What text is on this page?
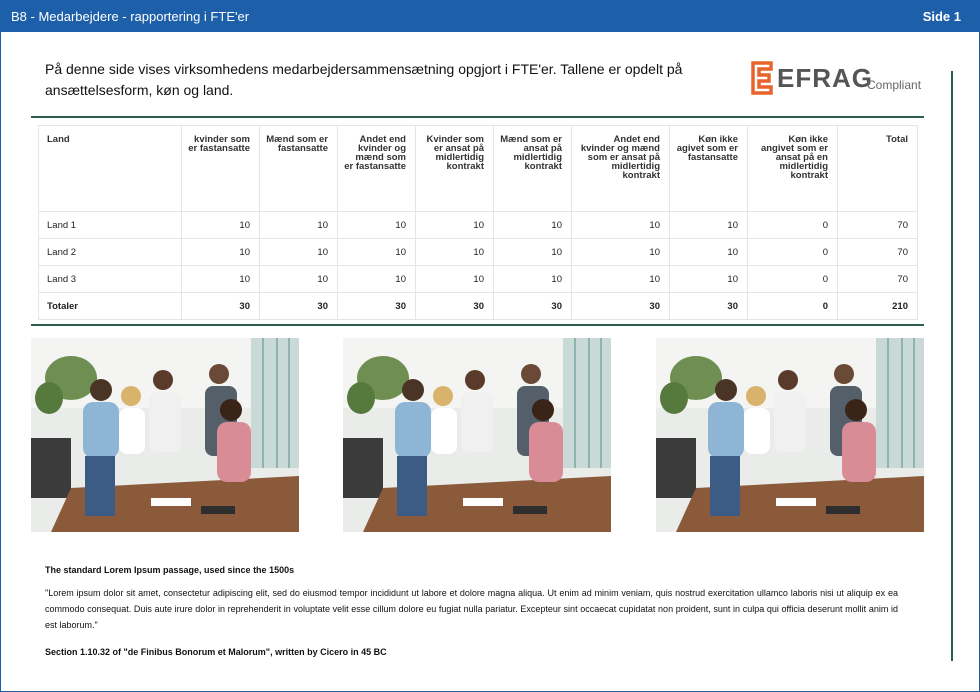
B8 - Medarbejdere - rapportering i FTE'er	Side 1
På denne side vises virksomhedens medarbejdersammensætning opgjort i FTE'er. Tallene er opdelt på ansættelsesform, køn og land.	EFRAG
Compliant
Land	kvinder som er fastansatte	Mænd som er fastansatte	Andet end kvinder og mænd som er fastansatte	Kvinder som er ansat på midlertidig kontrakt	Mænd som er ansat på midlertidig kontrakt	Andet end kvinder og mænd som er ansat på midlertidig kontrakt	Køn ikke agivet som er fastansatte	Køn ikke angivet som er ansat på en midlertidig kontrakt	Total
Land 1	10	10	10	10	10	10	10	0	70
Land 2	10	10	10	10	10	10	10	0	70
Land 3	10	10	10	10	10	10	10	0	70
Totaler	30	30	30	30	30	30	30	0	210
The standard Lorem Ipsum passage, used since the 1500s
"Lorem ipsum dolor sit amet, consectetur adipiscing elit, sed do eiusmod tempor incididunt ut labore et dolore magna aliqua. Ut enim ad minim veniam, quis nostrud exercitation ullamco laboris nisi ut aliquip ex ea commodo consequat. Duis aute irure dolor in reprehenderit in voluptate velit esse cillum dolore eu fugiat nulla pariatur. Excepteur sint occaecat cupidatat non proident, sunt in culpa qui officia deserunt mollit anim id est laborum."
Section 1.10.32 of "de Finibus Bonorum et Malorum", written by Cicero in 45 BC
